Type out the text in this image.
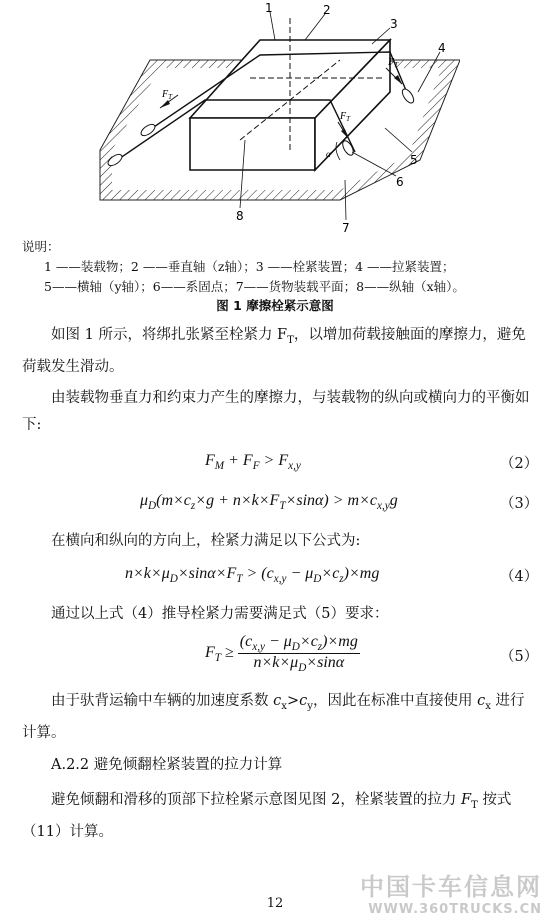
$F_T$
$F_T$
$F_T$
α
1	2
3
4
5
6
7
8
说明：
1 ——装载物；2 ——垂直轴（z轴）；3 ——栓紧装置；4 ——拉紧装置；
5——横轴（y轴）；6——系固点；7——货物装载平面；8——纵轴（x轴）。
图 1 摩擦栓紧示意图
如图 1 所示，将绑扎张紧至栓紧力 $F_T$，以增加荷载接触面的摩擦力，避免荷载发生滑动。
由装载物垂直力和约束力产生的摩擦力，与装载物的纵向或横向力的平衡如下:
$F_M + F_F > F_{x,y}$	（2）
$\mu_D(m\times c_z\times g + n\times k\times F_T\times\sin\alpha) > m\times c_{x,y}g$	（3）
在横向和纵向的方向上，栓紧力满足以下公式为:
$n\times k\times\mu_D\times\sin\alpha\times F_T > (c_{x,y} - \mu_D\times c_z)\times mg$	（4）
通过以上式（4）推导栓紧力需要满足式（5）要求：
$F_T \ge \frac{(c_{x,y} - \mu_D\times c_z)\times mg}{n\times k\times\mu_D\times\sin\alpha}$	（5）
由于驮背运输中车辆的加速度系数 $c_x>c_y$，因此在标准中直接使用 $c_x$ 进行计算。
A.2.2 避免倾翻栓紧装置的拉力计算
避免倾翻和滑移的顶部下拉栓紧示意图见图 2，栓紧装置的拉力 $F_T$ 按式（11）计算。
12
中国卡车信息网
WWW.360TRUCKS.CN
